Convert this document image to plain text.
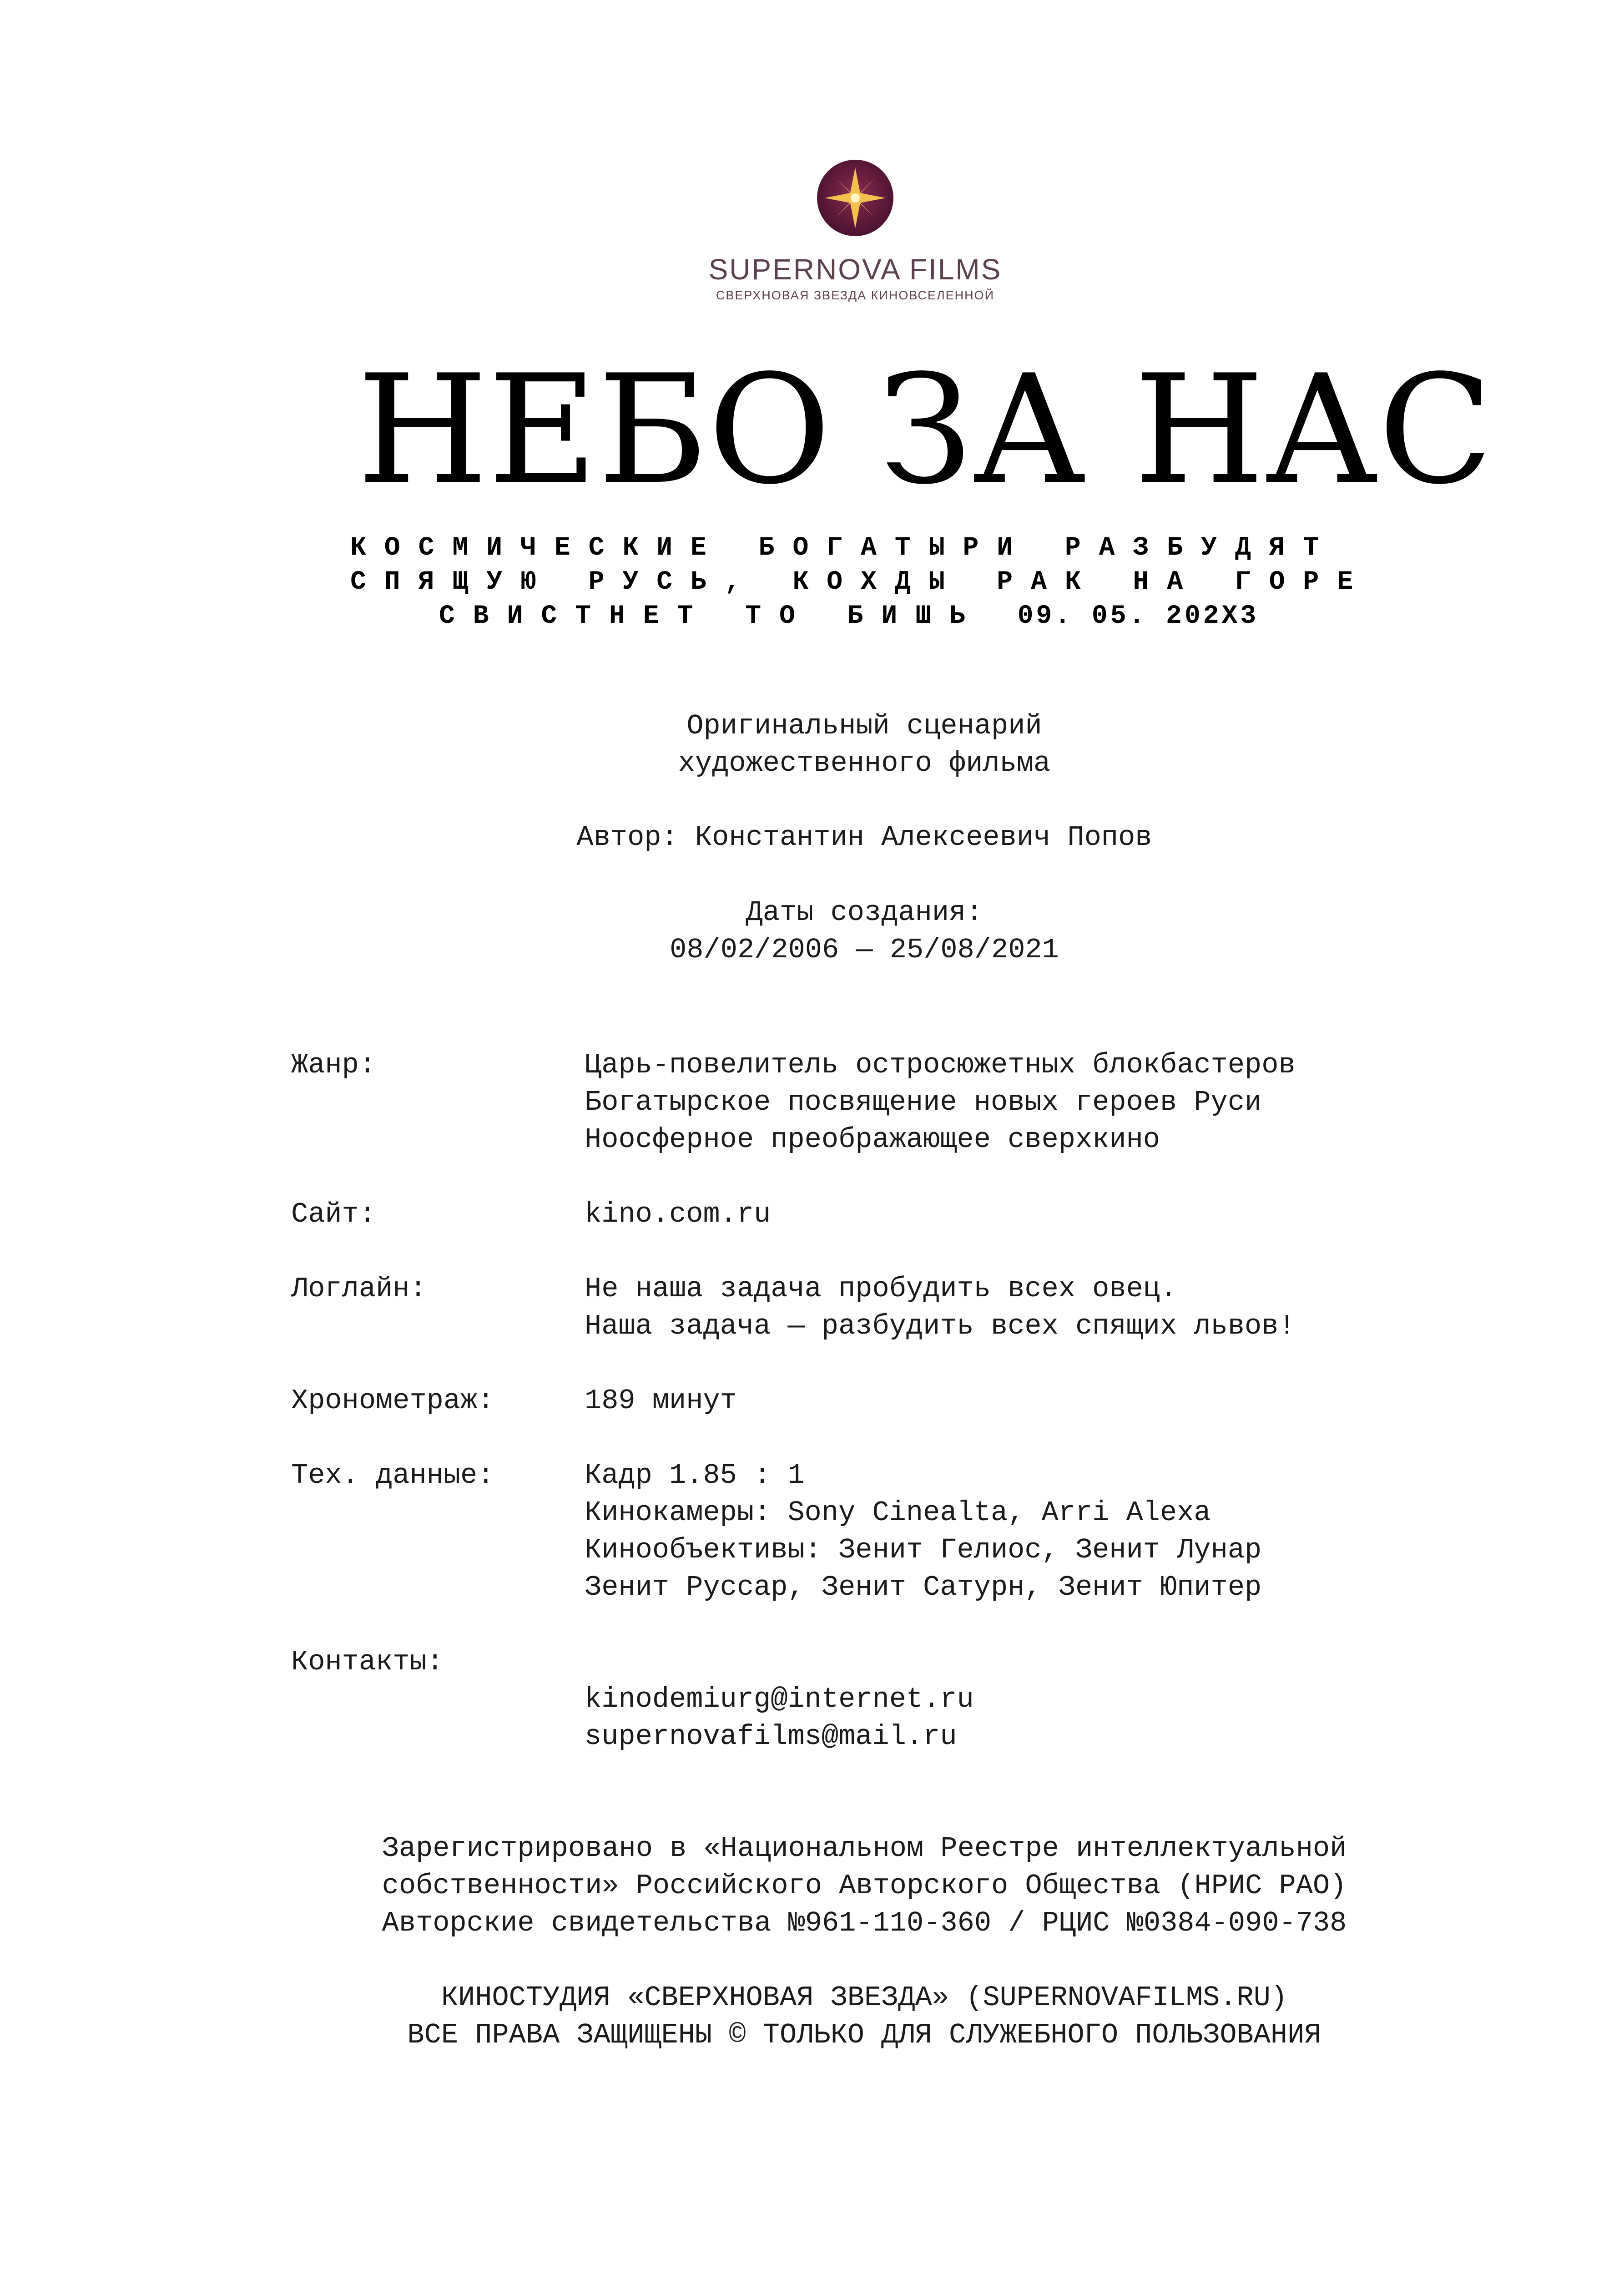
SUPERNOVA FILMS
СВЕРХНОВАЯ ЗВЕЗДА КИНОВСЕЛЕННОЙ
НЕБО ЗА НАС
КОСМИЧЕСКИЕ БОГАТЫРИ РАЗБУДЯТ
СПЯЩУЮ РУСЬ, КОХДЫ РАК НА ГОРЕ
СВИСТНЕТ ТО БИШЬ 09. 05. 202X3
Оригинальный сценарий
художественного фильма
Автор: Константин Алексеевич Попов
Даты создания:
08/02/2006 — 25/08/2021
Жанр:	Царь-повелитель остросюжетных блокбастеров
Богатырское посвящение новых героев Руси
Ноосферное преображающее сверхкино
Сайт:	kino.com.ru
Логлайн:	Не наша задача пробудить всех овец.
Наша задача — разбудить всех спящих львов!
Хронометраж:	189 минут
Тех. данные:	Кадр 1.85 : 1
Кинокамеры: Sony Cinealta, Arri Alexa
Кинообъективы: Зенит Гелиос, Зенит Лунар
Зенит Руссар, Зенит Сатурн, Зенит Юпитер
Контакты:
kinodemiurg@internet.ru
supernovafilms@mail.ru
Зарегистрировано в «Национальном Реестре интеллектуальной
собственности» Российского Авторского Общества (НРИС РАО)
Авторские свидетельства №961-110-360 / РЦИС №0384-090-738
КИНОСТУДИЯ «СВЕРХНОВАЯ ЗВЕЗДА» (SUPERNOVAFILMS.RU)
ВСЕ ПРАВА ЗАЩИЩЕНЫ © ТОЛЬКО ДЛЯ СЛУЖЕБНОГО ПОЛЬЗОВАНИЯ
